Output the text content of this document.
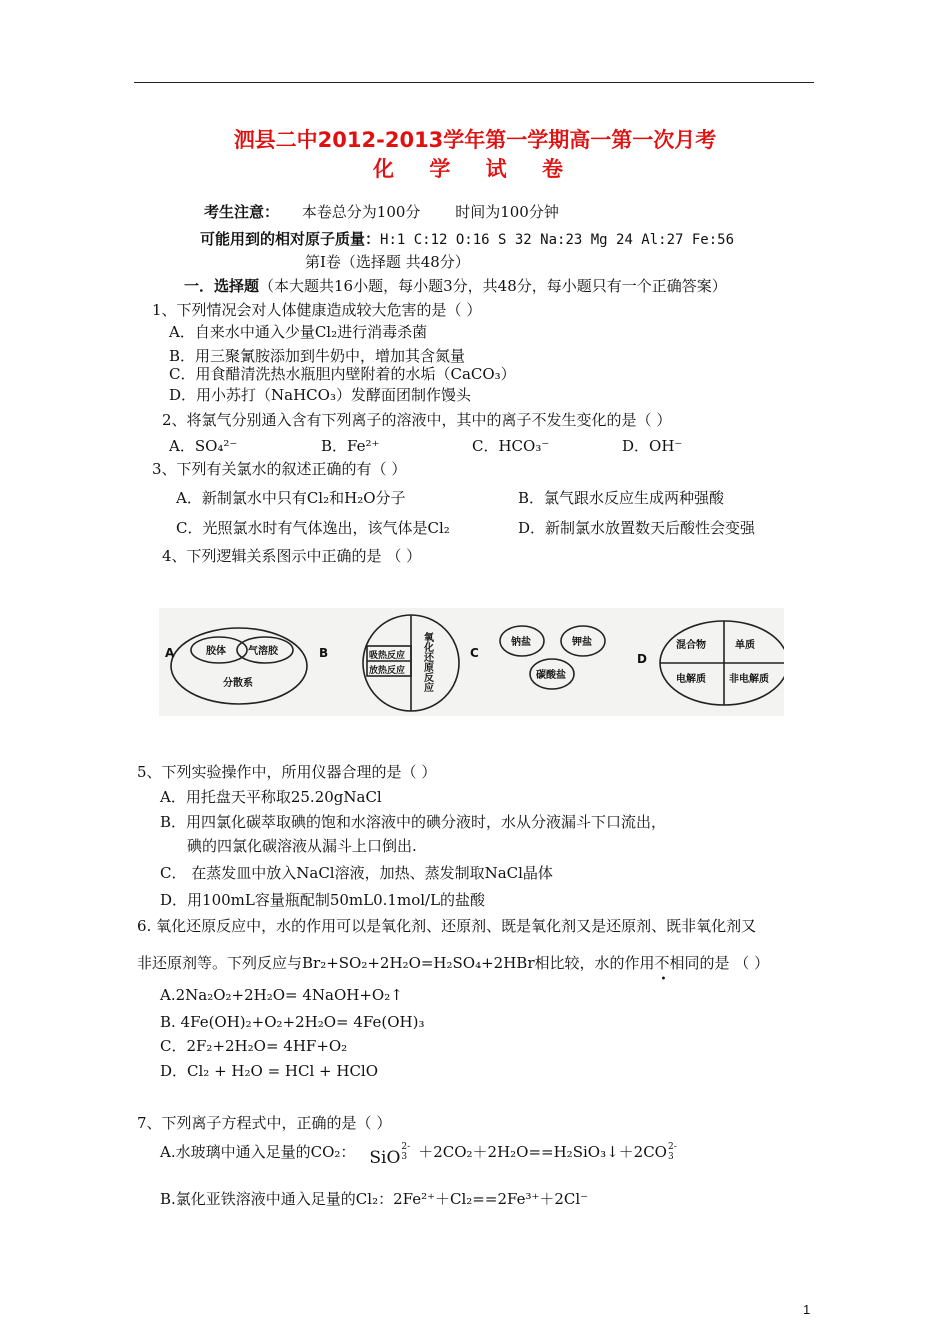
泗县二中2012-2013学年第一学期高一第一次月考
化 学 试 卷
考生注意： 本卷总分为100分 时间为100分钟
可能用到的相对原子质量：H:1 C:12 O:16 S 32 Na:23 Mg 24 Al:27 Fe:56
第Ⅰ卷（选择题 共48分）
一．选择题（本大题共16小题，每小题3分，共48分，每小题只有一个正确答案）
1、下列情况会对人体健康造成较大危害的是（ ）
A．自来水中通入少量Cl₂进行消毒杀菌
B．用三聚氰胺添加到牛奶中，增加其含氮量
C．用食醋清洗热水瓶胆内壁附着的水垢（CaCO₃）
D．用小苏打（NaHCO₃）发酵面团制作馒头
2、将氯气分别通入含有下列离子的溶液中，其中的离子不发生变化的是（ ）
A．SO₄²⁻	B．Fe²⁺	C．HCO₃⁻	D．OH⁻
3、下列有关氯水的叙述正确的有（ ）
A．新制氯水中只有Cl₂和H₂O分子	B．氯气跟水反应生成两种强酸
C．光照氯水时有气体逸出，该气体是Cl₂	D．新制氯水放置数天后酸性会变强
4、下列逻辑关系图示中正确的是 （ ）
A	胶体 气溶胶
分散系
B	吸热反应
放热反应 氧化还原反应	C
钠盐	钾盐
碳酸盐
D
混合物	单质
电解质 非电解质
5、下列实验操作中，所用仪器合理的是（ ）
A．用托盘天平称取25.20gNaCl
B．用四氯化碳萃取碘的饱和水溶液中的碘分液时，水从分液漏斗下口流出，
碘的四氯化碳溶液从漏斗上口倒出.
C． 在蒸发皿中放入NaCl溶液，加热、蒸发制取NaCl晶体
D．用100mL容量瓶配制50mL0.1mol/L的盐酸
6. 氧化还原反应中，水的作用可以是氧化剂、还原剂、既是氧化剂又是还原剂、既非氧化剂又
非还原剂等。下列反应与Br₂+SO₂+2H₂O=H₂SO₄+2HBr相比较，水的作用不
•
相同的是 （ ）
A.2Na₂O₂+2H₂O= 4NaOH+O₂↑
B. 4Fe(OH)₂+O₂+2H₂O= 4Fe(OH)₃
C．2F₂+2H₂O= 4HF+O₂
D．Cl₂ + H₂O = HCl + HClO
7、下列离子方程式中，正确的是（ ）
A.水玻璃中通入足量的CO₂： SiO
2-
3 ＋2CO₂＋2H₂O==H₂SiO₃↓＋2CO 2-
3
B.氯化亚铁溶液中通入足量的Cl₂：2Fe²⁺＋Cl₂==2Fe³⁺＋2Cl⁻
1
